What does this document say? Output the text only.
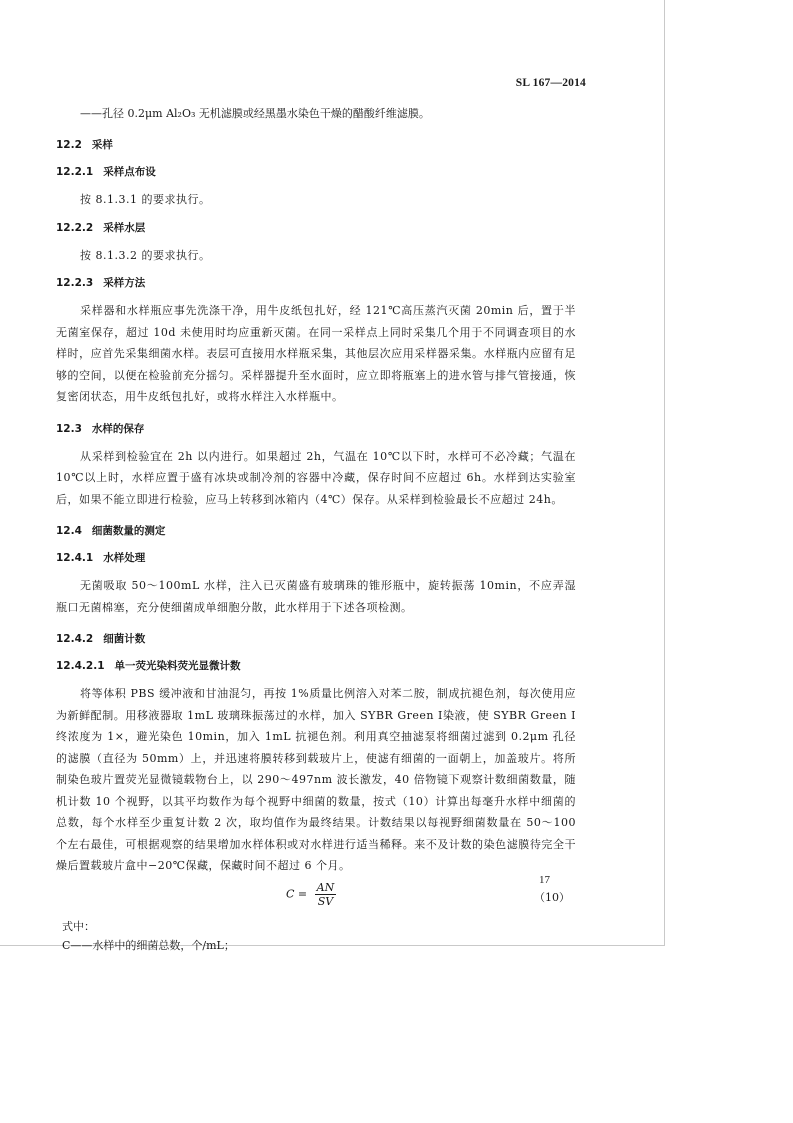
SL 167—2014

——孔径 0.2μm Al₂O₃ 无机滤膜或经黑墨水染色干燥的醋酸纤维滤膜。

12.2 采样

12.2.1 采样点布设

按 8.1.3.1 的要求执行。

12.2.2 采样水层

按 8.1.3.2 的要求执行。

12.2.3 采样方法

采样器和水样瓶应事先洗涤干净，用牛皮纸包扎好，经 121℃高压蒸汽灭菌 20min 后，置于半无菌室保存，超过 10d 未使用时均应重新灭菌。在同一采样点上同时采集几个用于不同调查项目的水样时，应首先采集细菌水样。表层可直接用水样瓶采集，其他层次应用采样器采集。水样瓶内应留有足够的空间，以便在检验前充分摇匀。采样器提升至水面时，应立即将瓶塞上的进水管与排气管接通，恢复密闭状态，用牛皮纸包扎好，或将水样注入水样瓶中。

12.3 水样的保存

从采样到检验宜在 2h 以内进行。如果超过 2h，气温在 10℃以下时，水样可不必冷藏；气温在 10℃以上时，水样应置于盛有冰块或制冷剂的容器中冷藏，保存时间不应超过 6h。水样到达实验室后，如果不能立即进行检验，应马上转移到冰箱内（4℃）保存。从采样到检验最长不应超过 24h。

12.4 细菌数量的测定

12.4.1 水样处理

无菌吸取 50～100mL 水样，注入已灭菌盛有玻璃珠的锥形瓶中，旋转振荡 10min，不应弄湿瓶口无菌棉塞，充分使细菌成单细胞分散，此水样用于下述各项检测。

12.4.2 细菌计数

12.4.2.1 单一荧光染料荧光显微计数

将等体积 PBS 缓冲液和甘油混匀，再按 1%质量比例溶入对苯二胺，制成抗褪色剂，每次使用应为新鲜配制。用移液器取 1mL 玻璃珠振荡过的水样，加入 SYBR Green Ⅰ染液，使 SYBR Green Ⅰ终浓度为 1×，避光染色 10min，加入 1mL 抗褪色剂。利用真空抽滤泵将细菌过滤到 0.2μm 孔径的滤膜（直径为 50mm）上，并迅速将膜转移到载玻片上，使滤有细菌的一面朝上，加盖玻片。将所制染色玻片置荧光显微镜载物台上，以 290～497nm 波长激发，40 倍物镜下观察计数细菌数量，随机计数 10 个视野，以其平均数作为每个视野中细菌的数量，按式（10）计算出每毫升水样中细菌的总数，每个水样至少重复计数 2 次，取均值作为最终结果。计数结果以每视野细菌数量在 50～100 个左右最佳，可根据观察的结果增加水样体积或对水样进行适当稀释。来不及计数的染色滤膜待完全干燥后置载玻片盒中−20℃保藏，保藏时间不超过 6 个月。

$C = \frac{AN}{SV}$	（10）

式中：

C——水样中的细菌总数，个/mL；

17
